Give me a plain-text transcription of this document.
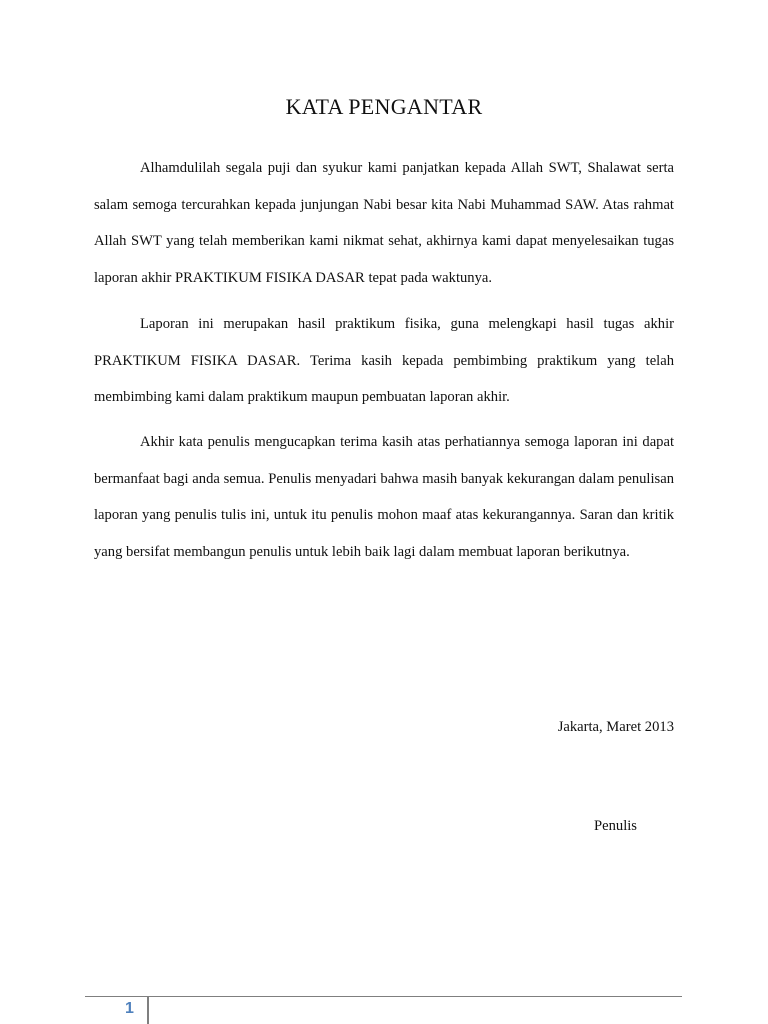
KATA PENGANTAR

Alhamdulilah segala puji dan syukur kami panjatkan kepada Allah SWT, Shalawat serta salam semoga tercurahkan kepada junjungan Nabi besar kita Nabi Muhammad SAW. Atas rahmat Allah SWT yang telah memberikan kami nikmat sehat, akhirnya kami dapat menyelesaikan tugas laporan akhir PRAKTIKUM FISIKA DASAR tepat pada waktunya.

Laporan ini merupakan hasil praktikum fisika, guna melengkapi hasil tugas akhir PRAKTIKUM FISIKA DASAR. Terima kasih kepada pembimbing praktikum yang telah membimbing kami dalam praktikum maupun pembuatan laporan akhir.

Akhir kata penulis mengucapkan terima kasih atas perhatiannya semoga laporan ini dapat bermanfaat bagi anda semua. Penulis menyadari bahwa masih banyak kekurangan dalam penulisan laporan yang penulis tulis ini, untuk itu penulis mohon maaf atas kekurangannya. Saran dan kritik yang bersifat membangun penulis untuk lebih baik lagi dalam membuat laporan berikutnya.

Jakarta, Maret 2013

Penulis

1
